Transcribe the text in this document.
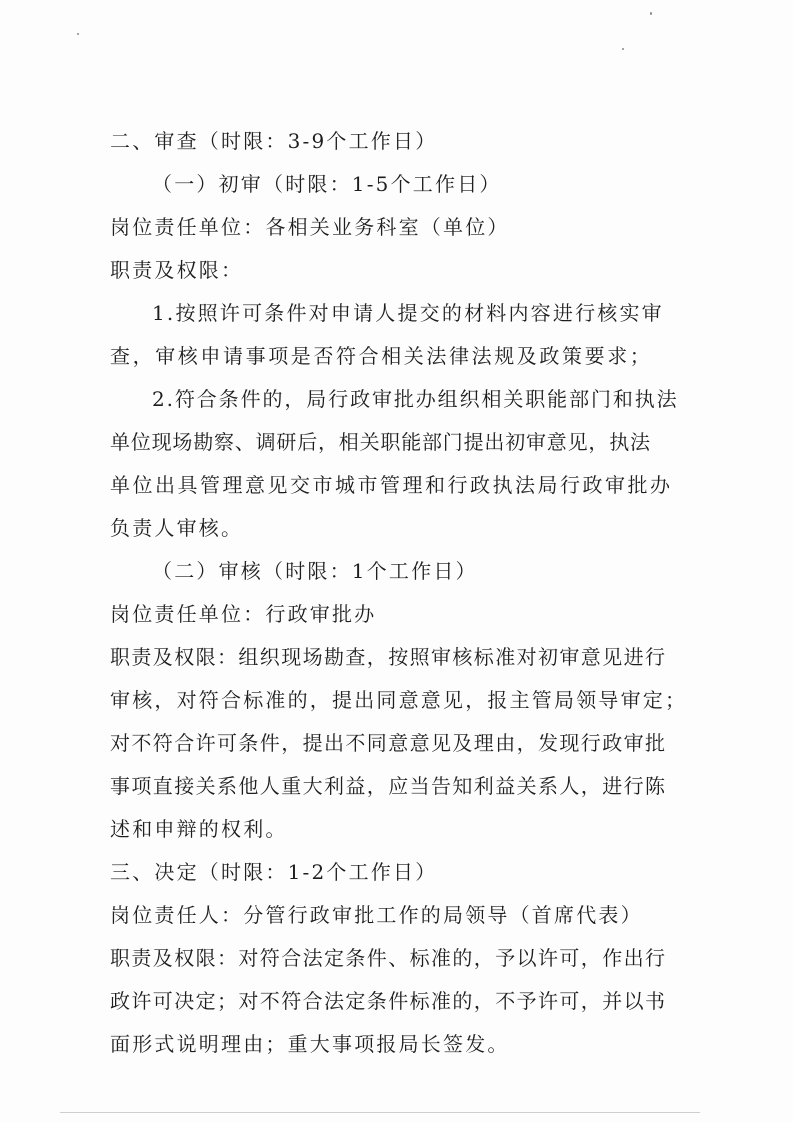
二、审查（时限：3-9个工作日）
（一）初审（时限：1-5个工作日）
岗位责任单位：各相关业务科室（单位）
职责及权限：
1.按照许可条件对申请人提交的材料内容进行核实审
查，审核申请事项是否符合相关法律法规及政策要求；
2.符合条件的，局行政审批办组织相关职能部门和执法
单位现场勘察、调研后，相关职能部门提出初审意见，执法
单位出具管理意见交市城市管理和行政执法局行政审批办
负责人审核。
（二）审核（时限：1个工作日）
岗位责任单位：行政审批办
职责及权限：组织现场勘查，按照审核标准对初审意见进行
审核，对符合标准的，提出同意意见，报主管局领导审定；
对不符合许可条件，提出不同意意见及理由，发现行政审批
事项直接关系他人重大利益，应当告知利益关系人，进行陈
述和申辩的权利。
三、决定（时限：1-2个工作日）
岗位责任人：分管行政审批工作的局领导（首席代表）
职责及权限：对符合法定条件、标准的，予以许可，作出行
政许可决定；对不符合法定条件标准的，不予许可，并以书
面形式说明理由；重大事项报局长签发。
